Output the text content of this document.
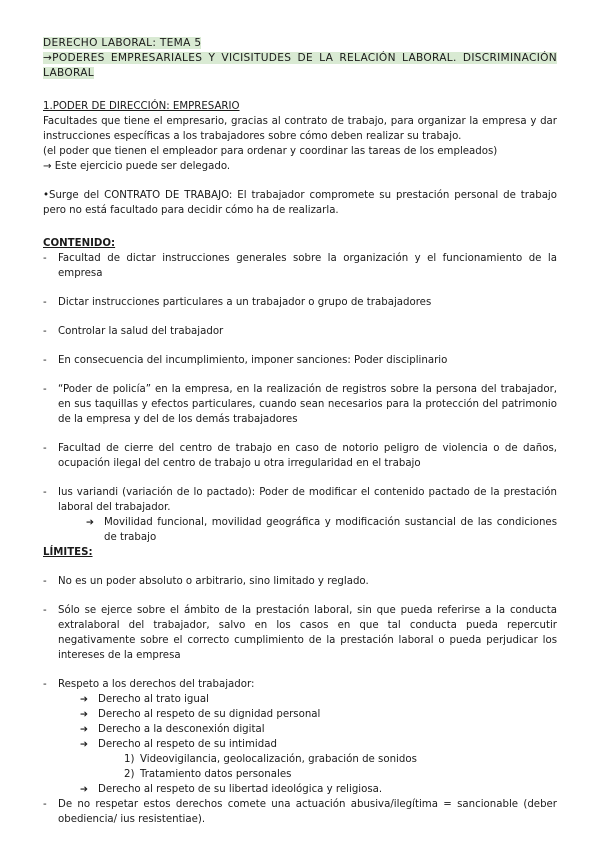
DERECHO LABORAL: TEMA 5

→PODERES EMPRESARIALES Y VICISITUDES DE LA RELACIÓN LABORAL. DISCRIMINACIÓN LABORAL

1.PODER DE DIRECCIÓN: EMPRESARIO

Facultades que tiene el empresario, gracias al contrato de trabajo, para organizar la empresa y dar instrucciones específicas a los trabajadores sobre cómo deben realizar su trabajo.

(el poder que tienen el empleador para ordenar y coordinar las tareas de los empleados)

→ Este ejercicio puede ser delegado.

•Surge del CONTRATO DE TRABAJO: El trabajador compromete su prestación personal de trabajo pero no está facultado para decidir cómo ha de realizarla.

CONTENIDO:

- Facultad de dictar instrucciones generales sobre la organización y el funcionamiento de la empresa
- Dictar instrucciones particulares a un trabajador o grupo de trabajadores
- Controlar la salud del trabajador
- En consecuencia del incumplimiento, imponer sanciones: Poder disciplinario
- “Poder de policía” en la empresa, en la realización de registros sobre la persona del trabajador, en sus taquillas y efectos particulares, cuando sean necesarios para la protección del patrimonio de la empresa y del de los demás trabajadores
- Facultad de cierre del centro de trabajo en caso de notorio peligro de violencia o de daños, ocupación ilegal del centro de trabajo u otra irregularidad en el trabajo
- Ius variandi (variación de lo pactado): Poder de modificar el contenido pactado de la prestación laboral del trabajador.
➔ Movilidad funcional, movilidad geográfica y modificación sustancial de las condiciones de trabajo

LÍMITES:

- No es un poder absoluto o arbitrario, sino limitado y reglado.
- Sólo se ejerce sobre el ámbito de la prestación laboral, sin que pueda referirse a la conducta extralaboral del trabajador, salvo en los casos en que tal conducta pueda repercutir negativamente sobre el correcto cumplimiento de la prestación laboral o pueda perjudicar los intereses de la empresa
- Respeto a los derechos del trabajador:
➔ Derecho al trato igual
➔ Derecho al respeto de su dignidad personal
➔ Derecho a la desconexión digital
➔ Derecho al respeto de su intimidad
1) Videovigilancia, geolocalización, grabación de sonidos
2) Tratamiento datos personales
➔ Derecho al respeto de su libertad ideológica y religiosa.
- De no respetar estos derechos comete una actuación abusiva/ilegítima = sancionable (deber obediencia/ ius resistentiae).
